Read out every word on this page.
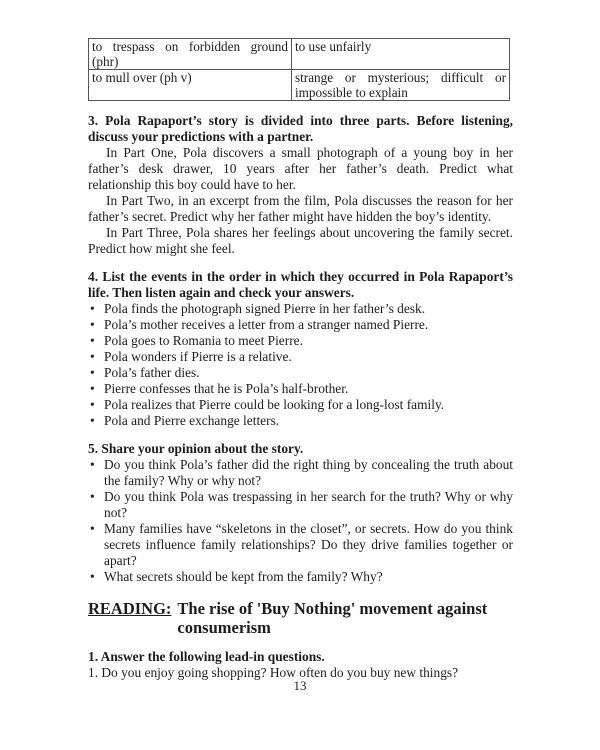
to trespass on forbidden ground (phr)	to use unfairly
to mull over (ph v)	strange or mysterious; difficult or impossible to explain
3. Pola Rapaport’s story is divided into three parts. Before listening, discuss your predictions with a partner.
In Part One, Pola discovers a small photograph of a young boy in her father’s desk drawer, 10 years after her father’s death. Predict what relationship this boy could have to her.
In Part Two, in an excerpt from the film, Pola discusses the reason for her father’s secret. Predict why her father might have hidden the boy’s identity.
In Part Three, Pola shares her feelings about uncovering the family secret. Predict how might she feel.
4. List the events in the order in which they occurred in Pola Rapaport’s life. Then listen again and check your answers.
• Pola finds the photograph signed Pierre in her father’s desk.
• Pola’s mother receives a letter from a stranger named Pierre.
• Pola goes to Romania to meet Pierre.
• Pola wonders if Pierre is a relative.
• Pola’s father dies.
• Pierre confesses that he is Pola’s half-brother.
• Pola realizes that Pierre could be looking for a long-lost family.
• Pola and Pierre exchange letters.
5. Share your opinion about the story.
• Do you think Pola’s father did the right thing by concealing the truth about the family? Why or why not?
• Do you think Pola was trespassing in her search for the truth? Why or why not?
• Many families have “skeletons in the closet”, or secrets. How do you think secrets influence family relationships? Do they drive families together or apart?
• What secrets should be kept from the family? Why?
READING: The rise of 'Buy Nothing' movement against consumerism
1. Answer the following lead-in questions.
1. Do you enjoy going shopping? How often do you buy new things?
13
